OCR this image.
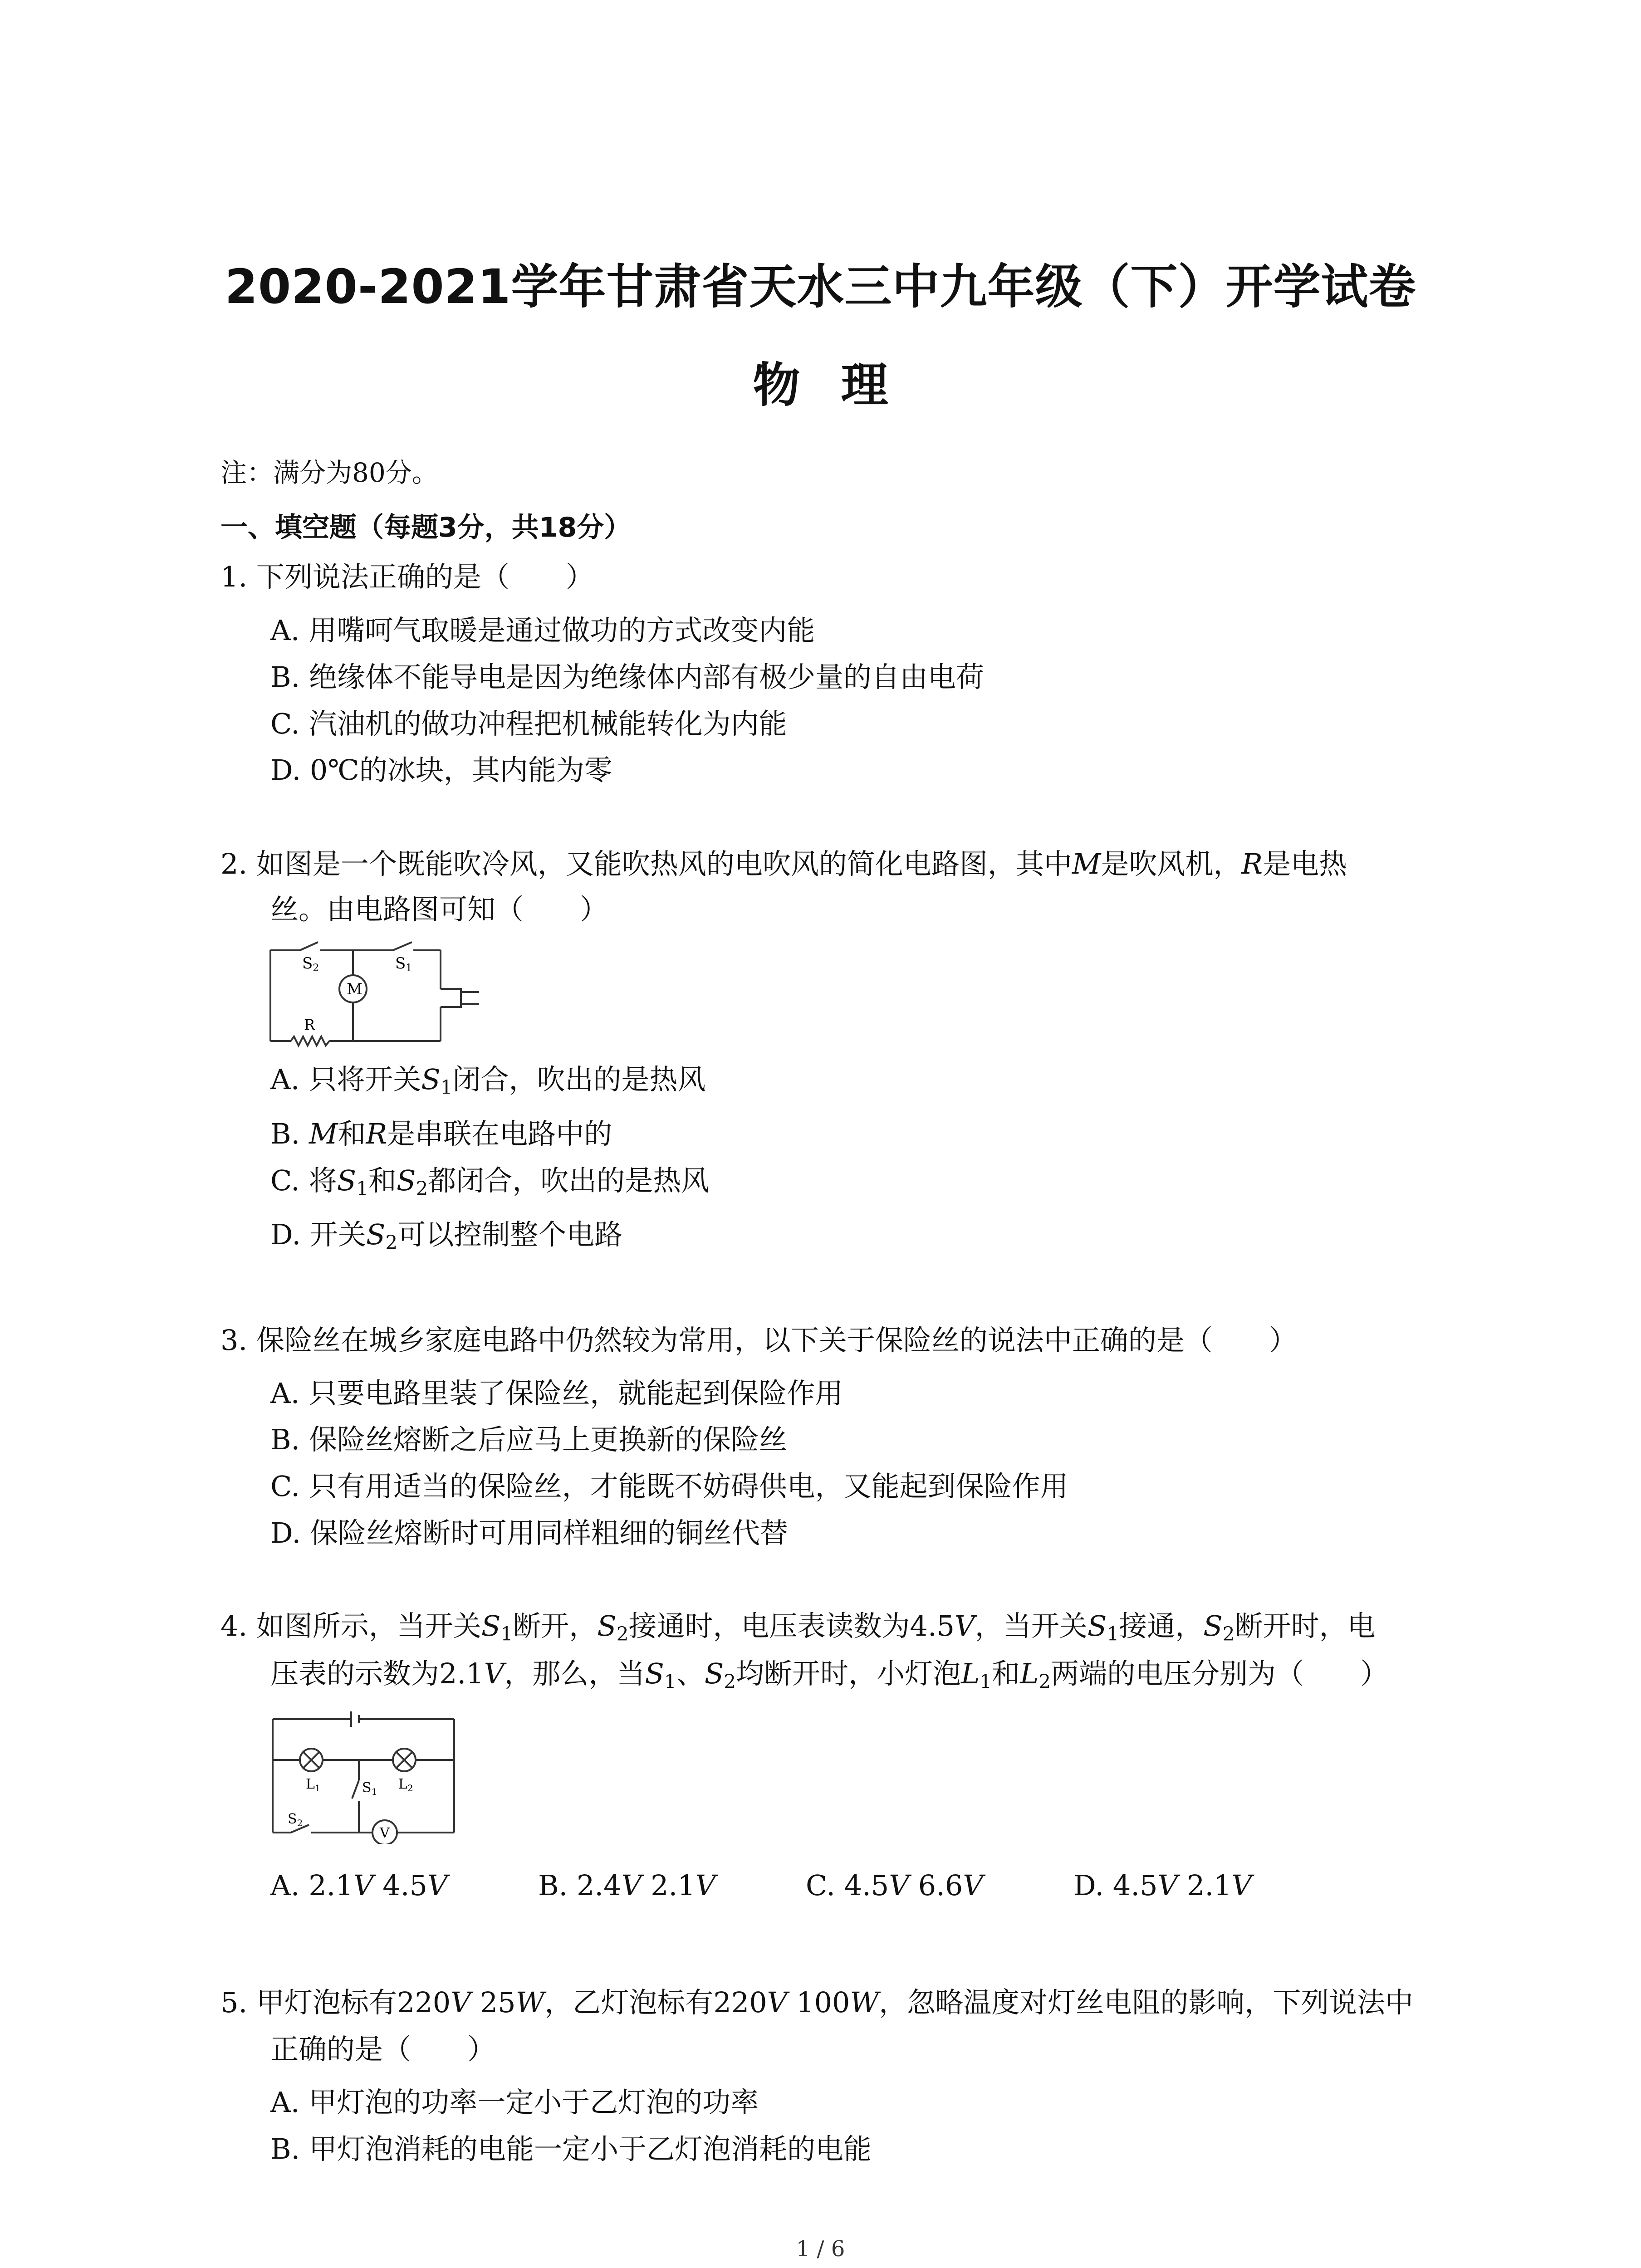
2020-2021学年甘肃省天水三中九年级（下）开学试卷
物理
注：满分为80分。
一、填空题（每题3分，共18分）
1. 下列说法正确的是（　　）
A. 用嘴呵气取暖是通过做功的方式改变内能
B. 绝缘体不能导电是因为绝缘体内部有极少量的自由电荷
C. 汽油机的做功冲程把机械能转化为内能
D. 0℃的冰块，其内能为零
2. 如图是一个既能吹冷风，又能吹热风的电吹风的简化电路图，其中M是吹风机，R是电热
丝。由电路图可知（　　）
S2	S1
M
R
A. 只将开关$S_1$闭合，吹出的是热风
B. M和R是串联在电路中的
C. 将$S_1$和$S_2$都闭合，吹出的是热风
D. 开关$S_2$可以控制整个电路
3. 保险丝在城乡家庭电路中仍然较为常用，以下关于保险丝的说法中正确的是（　　）
A. 只要电路里装了保险丝，就能起到保险作用
B. 保险丝熔断之后应马上更换新的保险丝
C. 只有用适当的保险丝，才能既不妨碍供电，又能起到保险作用
D. 保险丝熔断时可用同样粗细的铜丝代替
4. 如图所示，当开关$S_1$断开，$S_2$接通时，电压表读数为4.5V，当开关$S_1$接通，$S_2$断开时，电
压表的示数为2.1V，那么，当$S_1$、$S_2$均断开时，小灯泡$L_1$和$L_2$两端的电压分别为（　　）
$L_1$	$L_2$
$S_1$
$S_2$
V
A. 2.1V 4.5V	B. 2.4V 2.1V	C. 4.5V 6.6V	D. 4.5V 2.1V
5. 甲灯泡标有220V 25W，乙灯泡标有220V 100W，忽略温度对灯丝电阻的影响，下列说法中
正确的是（　　）
A. 甲灯泡的功率一定小于乙灯泡的功率
B. 甲灯泡消耗的电能一定小于乙灯泡消耗的电能
1 / 6
